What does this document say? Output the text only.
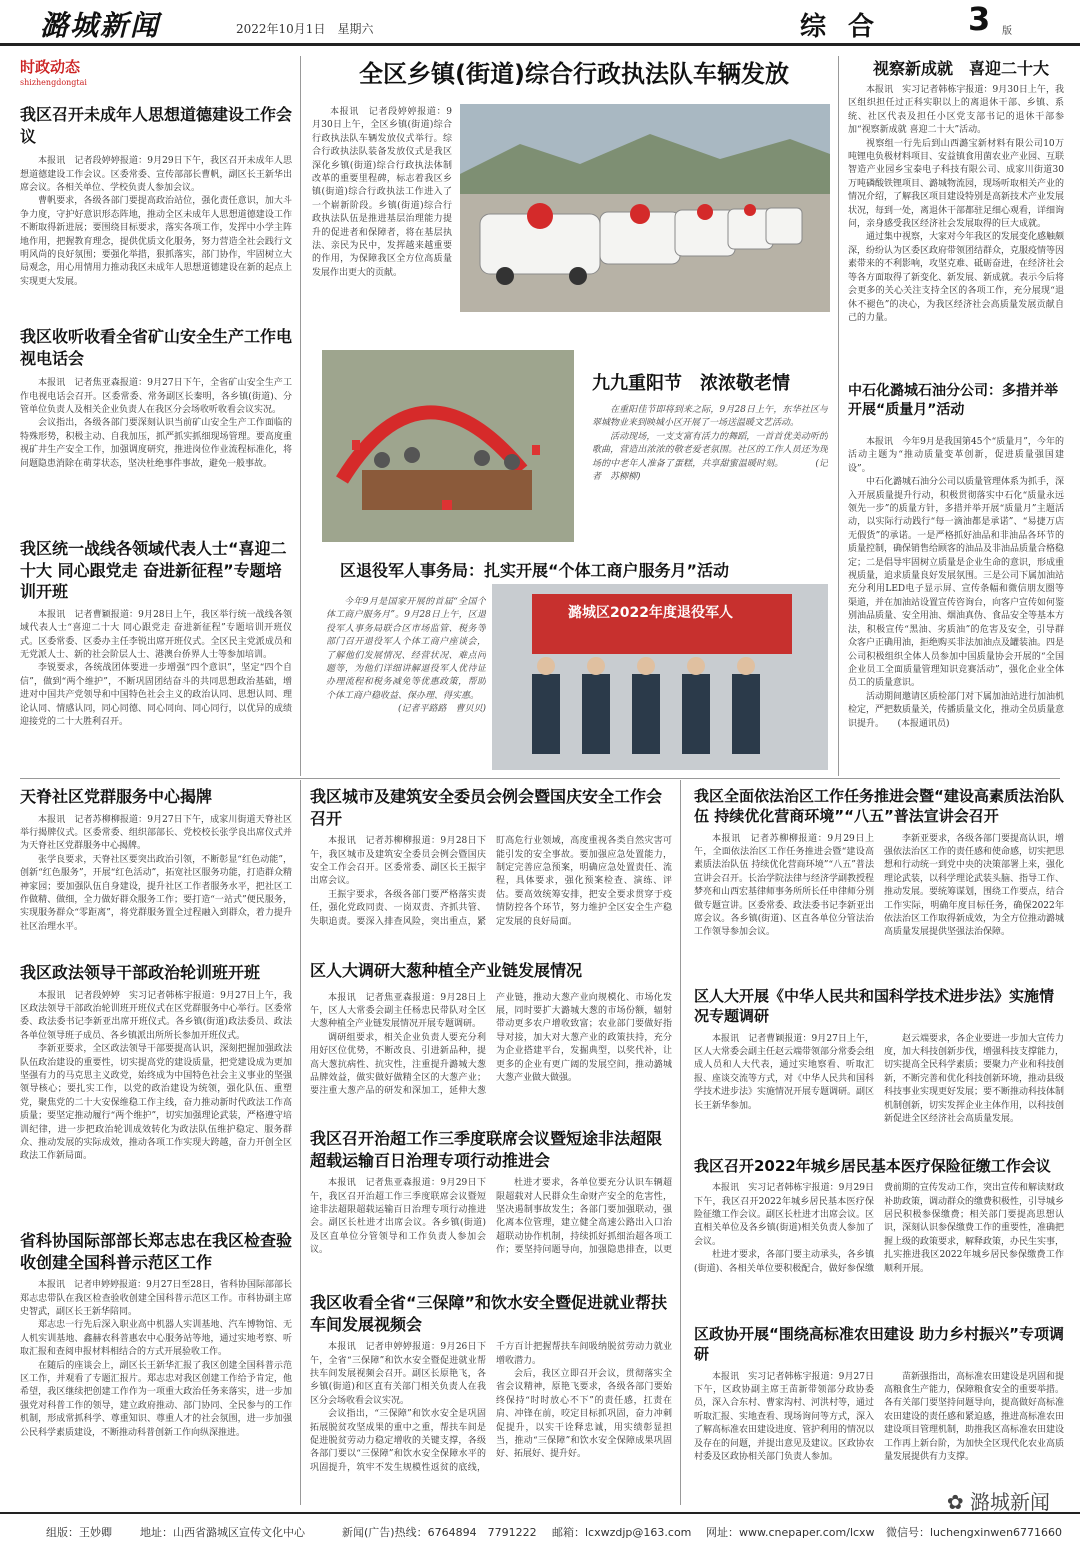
潞城新闻	2022年10月1日　星期六	综合 3 版
时政动态
shizhengdongtai
我区召开未成年人思想道德建设工作会议

本报讯　记者段婷婷报道：9月29日下午，我区召开未成年人思想道德建设工作会议。区委常委、宣传部部长曹帆，副区长王新华出席会议。各相关单位、学校负责人参加会议。

曹帆要求，各级各部门要提高政治站位，强化责任意识，加大斗争力度，守护好意识形态阵地，推动全区未成年人思想道德建设工作不断取得新进展；要围绕目标要求，落实各项工作，发挥中小学主阵地作用，把握教育理念，提供优质文化服务，努力营造全社会践行文明风尚的良好氛围；要强化举措，狠抓落实，部门协作，牢固树立大局观念，用心用情用力推动我区未成年人思想道德建设在新的起点上实现更大发展。

我区收听收看全省矿山安全生产工作电视电话会

本报讯　记者焦亚森报道：9月27日下午，全省矿山安全生产工作电视电话会召开。区委常委、常务副区长秦明，各乡镇(街道)、分管单位负责人及相关企业负责人在我区分会场收听收看会议实况。

会议指出，各级各部门要深刻认识当前矿山安全生产工作面临的特殊形势，积极主动、自我加压，抓严抓实抓细现场管理。要高度重视矿井生产安全工作，加强调度研究，推进岗位作业流程标准化，将问题隐患消除在萌芽状态，坚决杜绝事件事故，避免一般事故。

我区统一战线各领域代表人士“喜迎二十大 同心跟党走 奋进新征程”专题培训开班

本报讯　记者曹颖报道：9月28日上午，我区举行统一战线各领域代表人士“喜迎二十大 同心跟党走 奋进新征程”专题培训开班仪式。区委常委、区委办主任李锐出席开班仪式。全区民主党派成员和无党派人士、新的社会阶层人士、港澳台侨界人士等参加培训。

李锐要求，各统战团体要进一步增强“四个意识”，坚定“四个自信”，做到“两个维护”，不断巩固团结奋斗的共同思想政治基础，增进对中国共产党领导和中国特色社会主义的政治认同、思想认同、理论认同、情感认同，同心同德、同心同向、同心同行，以优异的成绩迎接党的二十大胜利召开。

全区乡镇(街道)综合行政执法队车辆发放

本报讯　记者段婷婷报道：9月30日上午，全区乡镇(街道)综合行政执法队车辆发放仪式举行。综合行政执法队装备发放仪式是我区深化乡镇(街道)综合行政执法体制改革的重要里程碑，标志着我区乡镇(街道)综合行政执法工作进入了一个崭新阶段。乡镇(街道)综合行政执法队伍是推进基层治理能力提升的促进者和保障者，将在基层执法、亲民为民中，发挥越来越重要的作用，为保障我区全方位高质量发展作出更大的贡献。

九九重阳节　浓浓敬老情

在重阳佳节即将到来之际，9月28日上午，东华社区与翠城物业来到映城小区开展了一场送温暖文艺活动。

活动现场，一支支富有活力的舞蹈，一首首优美动听的歌曲，营造出浓浓的敬老爱老氛围。社区的工作人员还为现场的中老年人准备了蛋糕，共享甜蜜温暖时刻。　　　　(记者　苏柳柳)

区退役军人事务局：扎实开展“个体工商户服务月”活动

今年9月是国家开展的首届“全国个体工商户服务月”。9月28日上午，区退役军人事务局联合区市场监管、税务等部门召开退役军人个体工商户座谈会，了解他们发展情况、经营状况、难点问题等，为他们详细讲解退役军人优待证办理流程和税务减免等优惠政策，帮助个体工商户稳收益、保办理、得实惠。

(记者平路路　曹贝贝)

潞城区2022年度退役军人
视察新成就　喜迎二十大

本报讯　实习记者韩栋宇报道：9月30日上午，我区组织担任过正科实职以上的离退休干部、乡镇、系统、社区代表及担任小区党支部书记的退休干部参加“视察新成就 喜迎二十大”活动。

视察组一行先后到山西潞宝新材料有限公司10万吨锂电负极材料项目、安益镇食用菌农业产业园、互联智造产业园乡宝泰电子科技有限公司、成家川街道30万吨磷酸铁锂项目、潞城物流园，现场听取相关产业的情况介绍，了解我区项目建设特别是高新技术产业发展状况，每到一处，离退休干部都驻足细心观看，详细询问，亲身感受我区经济社会发展取得的巨大成就。

通过集中视察，大家对今年我区的发展变化感触颇深，纷纷认为区委区政府带领团结群众，克服疫情等因素带来的不利影响，攻坚克难、砥砺奋进，在经济社会等各方面取得了新变化、新发展、新成就。表示今后将会更多的关心关注支持全区的各项工作，充分展现“退休不褪色”的决心，为我区经济社会高质量发展贡献自己的力量。

中石化潞城石油分公司：多措并举开展“质量月”活动

本报讯　今年9月是我国第45个“质量月”，今年的活动主题为“推动质量变革创新，促进质量强国建设”。

中石化潞城石油分公司以质量管理体系为抓手，深入开展质量提升行动，积极贯彻落实中石化“质量永远领先一步”的质量方针，多措并举开展“质量月”主题活动，以实际行动践行“每一滴油都是承诺”、“易捷万店无假货”的承诺。一是严格抓好油品和非油品各环节的质量控制，确保销售给顾客的油品及非油品质量合格稳定；二是倡导牢固树立质量是企业生命的意识，形成重视质量，追求质量良好发展氛围。三是公司下属加油站充分利用LED电子显示屏、宣传条幅和微信朋友圈等渠道，并在加油站设置宣传咨询台，向客户宣传如何鉴别油品质量、安全用油、烟油真伪、食品安全等基本方法，积极宣传“黑油、劣质油”的危害及安全，引导群众客户正确用油，拒绝购买非法加油点及罐装油。四是公司积极组织全体人员参加中国质量协会开展的“全国企业员工全面质量管理知识竞赛活动”，强化企业全体员工的质量意识。

活动期间邀请区质检部门对下属加油站进行加油机检定，严把数质量关，传播质量文化，推动全员质量意识提升。　　(本报通讯员)

天脊社区党群服务中心揭牌

本报讯　记者苏柳柳报道：9月27日下午，成家川街道天脊社区举行揭牌仪式。区委常委、组织部部长、党校校长张学良出席仪式并为天脊社区党群服务中心揭牌。

张学良要求，天脊社区要突出政治引领，不断彰显“红色动能”，创新“红色服务”，开展“红色活动”，拓宽社区服务功能，打造群众精神家园；要加强队伍自身建设，提升社区工作者服务水平，把社区工作做精、做细，全力做好群众服务工作；要打造“一站式”便民服务，实现服务群众“零距离”，将党群服务置全过程融入到群众，着力提升社区治理水平。

我区政法领导干部政治轮训班开班

本报讯　记者段婷婷　实习记者韩栋宇报道：9月27日上午，我区政法领导干部政治轮训班开班仪式在区党群服务中心举行。区委常委、政法委书记李新亚出席开班仪式。各乡镇(街道)政法委员、政法各单位领导班子成员、各乡镇派出所所长参加开班仪式。

李新亚要求，全区政法领导干部要提高认识，深刻把握加强政法队伍政治建设的重要性，切实提高党的建设质量，把党建设成为更加坚强有力的马克思主义政党，始终成为中国特色社会主义事业的坚强领导核心；要扎实工作，以党的政治建设为统领，强化队伍、重塑党，聚焦党的二十大安保维稳工作主线，奋力推动新时代政法工作高质量；要坚定推动履行“两个维护”，切实加强理论武装，严格遵守培训纪律，进一步把政治轮训成效转化为政法队伍维护稳定、服务群众、推动发展的实际成效，推动各项工作实现大跨越，奋力开创全区政法工作新局面。

省科协国际部部长郑志忠在我区检查验收创建全国科普示范区工作

本报讯　记者申婷婷报道：9月27日至28日，省科协国际部部长郑志忠带队在我区检查验收创建全国科普示范区工作。市科协副主席史智武，副区长王新华陪同。

郑志忠一行先后深入职业高中机器人实训基地、汽车博物馆、无人机实训基地、鑫赫农科普惠农中心服务站等地，通过实地考察、听取汇报和查阅申报材料相结合的方式开展验收工作。

在随后的座谈会上，副区长王新华汇报了我区创建全国科普示范区工作，并观看了专题汇报片。郑志忠对我区创建工作给予肯定，他希望，我区继续把创建工作作为一项重大政治任务来落实，进一步加强党对科普工作的领导，建立政府推动、部门协同、全民参与的工作机制，形成常抓科学、尊重知识、尊重人才的社会氛围，进一步加强公民科学素质建设，不断推动科普创新工作向纵深推进。

我区城市及建筑安全委员会例会暨国庆安全工作会召开

本报讯　记者苏柳柳报道：9月28日下午，我区城市及建筑安全委员会例会暨国庆安全工作会召开。区委常委、副区长王振宇出席会议。

王振宇要求，各级各部门要严格落实责任，强化党政同责、一岗双责、齐抓共管、失职追责。要深入排查风险，突出重点，紧盯高危行业领域，高度重视各类自然灾害可能引发的安全事故。要加强应急处置能力，制定完善应急预案，明确应急处置责任、流程，具体要求，强化预案检查、演练、评估。要高效统筹安排，把安全要求贯穿于疫情防控各个环节，努力维护全区安全生产稳定发展的良好局面。

区人大调研大葱种植全产业链发展情况

本报讯　记者焦亚森报道：9月28日上午，区人大常委会副主任杨忠民带队对全区大葱种植全产业链发展情况开展专题调研。

调研组要求，相关企业负责人要充分利用好区位优势，不断改良、引进新品种，提高大葱抗病性、抗灾性，注重提升潞城大葱品牌效益，做实做好做精全区的大葱产业；要注重大葱产品的研发和深加工，延伸大葱产业链，推动大葱产业向规模化、市场化发展，同时要扩大潞城大葱的市场份额，辐射带动更多农户增收致富；农业部门要做好指导对接，加大对大葱产业的政策扶持，充分为企业搭建平台，发掘典型，以奖代补，让更多的企业有更广阔的发展空间，推动潞城大葱产业做大做强。

我区召开治超工作三季度联席会议暨短途非法超限超载运输百日治理专项行动推进会

本报讯　记者焦亚森报道：9月29日下午，我区召开治超工作三季度联席会议暨短途非法超限超载运输百日治理专项行动推进会。副区长杜进才出席会议。各乡镇(街道)及区直单位分管领导和工作负责人参加会议。

杜进才要求，各单位要充分认识车辆超限超载对人民群众生命财产安全的危害性，坚决遏制事故发生；各部门要加强联动，强化离本位管理，建立健全高速公路出入口治超联动协作机制，持续抓好抓细治超各项工作；要坚持问题导向，加强隐患排查，以更

我区收看全省“三保障”和饮水安全暨促进就业帮扶车间发展视频会

本报讯　记者申婷婷报道：9月26日下午，全省“三保障”和饮水安全暨促进就业帮扶车间发展视频会召开。副区长原艳飞，各乡镇(街道)和区直有关部门相关负责人在我区分会场收看会议实况。

会议指出，“三保障”和饮水安全是巩固拓展脱贫攻坚成果的重中之重，帮扶车间是促进脱贫劳动力稳定增收的关键支撑，各级各部门要以“三保障”和饮水安全保障水平的巩固提升，筑牢不发生规模性返贫的底线，千方百计把握帮扶车间吸纳脱贫劳动力就业增收潜力。

会后，我区立即召开会议，贯彻落实全省会议精神，原艳飞要求，各级各部门要始终保持“时时放心不下”的责任感，扛责在肩、冲锋在前，咬定目标抓巩固，奋力冲刺促提升，以实干诠释忠诚，用实绩彰显担当，推动“三保障”和饮水安全保障成果巩固好、拓展好、提升好。

我区全面依法治区工作任务推进会暨“建设高素质法治队伍 持续优化营商环境”“八五”普法宣讲会召开

本报讯　记者苏柳柳报道：9月29日上午，全面依法治区工作任务推进会暨“建设高素质法治队伍 持续优化营商环境”“八五”普法宣讲会召开。长治学院法律与经济学副教授程梦亮和山西宏基律师事务所所长任申律师分别做专题宣讲。区委常委、政法委书记李新亚出席会议。各乡镇(街道)、区直各单位分管法治工作领导参加会议。

李新亚要求，各级各部门要提高认识，增强依法治区工作的责任感和使命感，切实把思想和行动统一到党中央的决策部署上来，强化理论武装，以科学理论武装头脑、指导工作、推动发展。要统筹谋划，围绕工作要点，结合工作实际，明确年度目标任务，确保2022年依法治区工作取得新成效，为全方位推动潞城高质量发展提供坚强法治保障。

区人大开展《中华人民共和国科学技术进步法》实施情况专题调研

本报讯　记者曹颖报道：9月27日上午，区人大常委会副主任赵云端带领部分常委会组成人员和人大代表，通过实地察看、听取汇报、座谈交流等方式，对《中华人民共和国科学技术进步法》实施情况开展专题调研。副区长王新华参加。

赵云端要求，各企业要进一步加大宣传力度，加大科技创新步伐，增强科技支撑能力，切实提高全民科学素质；要聚力产业和科技创新，不断完善和优化科技创新环境，推动县级科技事业实现更好发展；要不断推动科技体制机制创新，切实发挥企业主体作用，以科技创新促进全区经济社会高质量发展。

我区召开2022年城乡居民基本医疗保险征缴工作会议

本报讯　实习记者韩栋宇报道：9月29日下午，我区召开2022年城乡居民基本医疗保险征缴工作会议。副区长杜进才出席会议。区直相关单位及各乡镇(街道)相关负责人参加了会议。

杜进才要求，各部门要主动承头，各乡镇(街道)、各相关单位要积极配合，做好参保缴费前期的宣传发动工作，突出宣传和解读财政补助政策，调动群众的缴费积极性，引导城乡居民积极参保缴费；相关部门要提高思想认识，深刻认识参保缴费工作的重要性，准确把握上级的政策要求，解释政策，办民生实事，扎实推进我区2022年城乡居民参保缴费工作顺利开展。

区政协开展“围绕高标准农田建设 助力乡村振兴”专项调研

本报讯　实习记者韩栋宇报道：9月27日下午，区政协副主席王苗新带领部分政协委员，深入合东村、曹家沟村、河洪村等，通过听取汇报、实地查看、现场询问等方式，深入了解高标准农田建设进度、管护利用的情况以及存在的问题，并提出意见及建议。区政协农村委及区政协相关部门负责人参加。

苗新强指出，高标准农田建设是巩固和提高粮食生产能力，保障粮食安全的重要举措。各有关部门要坚持问题导向，提高做好高标准农田建设的责任感和紧迫感，推进高标准农田建设项目管理机制，助推我区高标准农田建设工作再上新台阶，为加快全区现代化农业高质量发展提供有力支撑。

✿ 潞城新闻
组版：王妙卿	地址：山西省潞城区宣传文化中心	新闻(广告)热线：6764894　7791222 邮箱：lcxwzdjp@163.com 网址：www.cnepaper.com/lcxw 微信号：luchengxinwen6771660
